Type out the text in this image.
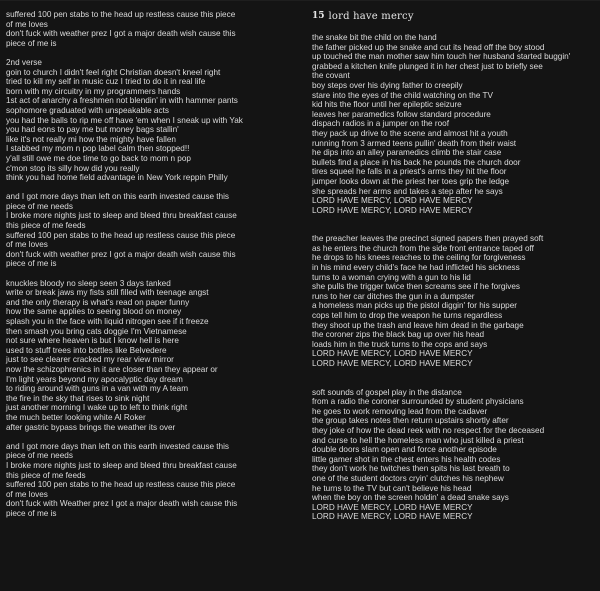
suffered 100 pen stabs to the head up restless cause this piece
of me loves
don't fuck with weather prez I got a major death wish cause this
piece of me is
2nd verse
goin to church I didn't feel right Christian doesn't kneel right
tried to kill my self in music cuz I tried to do it in real life
born with my circuitry in my programmers hands
1st act of anarchy a freshmen not blendin' in with hammer pants
sophomore graduated with unspeakable acts
you had the balls to rip me off have 'em when I sneak up with Yak
you had eons to pay me but money bags stallin'
like it's not really mi how the mighty have fallen
I stabbed my mom n pop label calm then stopped!!
y'all still owe me doe time to go back to mom n pop
c'mon stop its silly how did you really
think you had home field advantage in New York reppin Philly
and I got more days than left on this earth invested cause this
piece of me needs
I broke more nights just to sleep and bleed thru breakfast cause
this piece of me feeds
suffered 100 pen stabs to the head up restless cause this piece
of me loves
don't fuck with weather prez I got a major death wish cause this
piece of me is
knuckles bloody no sleep seen 3 days tanked
write or break jaws my fists still filled with teenage angst
and the only therapy is what's read on paper funny
how the same applies to seeing blood on money
splash you in the face with liquid nitrogen see if it freeze
then smash you bring cats doggie I'm Vietnamese
not sure where heaven is but I know hell is here
used to stuff trees into bottles like Belvedere
just to see clearer cracked my rear view mirror
now the schizophrenics in it are closer than they appear or
I'm light years beyond my apocalyptic day dream
to riding around with guns in a van with my A team
the fire in the sky that rises to sink night
just another morning I wake up to left to think right
the much better looking white Al Roker
after gastric bypass brings the weather its over
and I got more days than left on this earth invested cause this
piece of me needs
I broke more nights just to sleep and bleed thru breakfast cause
this piece of me feeds
suffered 100 pen stabs to the head up restless cause this piece
of me loves
don't fuck with Weather prez I got a major death wish cause this
piece of me is
15 lord have mercy
the snake bit the child on the hand
the father picked up the snake and cut its head off the boy stood
up touched the man mother saw him touch her husband started buggin'
grabbed a kitchen knife plunged it in her chest just to briefly see
the covant
boy steps over his dying father to creepily
stare into the eyes of the child watching on the TV
kid hits the floor until her epileptic seizure
leaves her paramedics follow standard procedure
dispach radios in a jumper on the roof
they pack up drive to the scene and almost hit a youth
running from 3 armed teens pullin' death from their waist
he dips into an alley paramedics climb the stair case
bullets find a place in his back he pounds the church door
tires squeel he falls in a priest's arms they hit the floor
jumper looks down at the priest her toes grip the ledge
she spreads her arms and takes a step after he says
LORD HAVE MERCY, LORD HAVE MERCY
LORD HAVE MERCY, LORD HAVE MERCY
the preacher leaves the precinct signed papers then prayed soft
as he enters the church from the side front entrance taped off
he drops to his knees reaches to the ceiling for forgiveness
in his mind every child's face he had inflicted his sickness
turns to a woman crying with a gun to his lid
she pulls the trigger twice then screams see if he forgives
runs to her car ditches the gun in a dumpster
a homeless man picks up the pistol diggin' for his supper
cops tell him to drop the weapon he turns regardless
they shoot up the trash and leave him dead in the garbage
the coroner zips the black bag up over his head
loads him in the truck turns to the cops and says
LORD HAVE MERCY, LORD HAVE MERCY
LORD HAVE MERCY, LORD HAVE MERCY
soft sounds of gospel play in the distance
from a radio the coroner surrounded by student physicians
he goes to work removing lead from the cadaver
the group takes notes then return upstairs shortly after
they joke of how the dead reek with no respect for the deceased
and curse to hell the homeless man who just killed a priest
double doors slam open and force another episode
little gamer shot in the chest enters his health codes
they don't work he twitches then spits his last breath to
one of the student doctors cryin' clutches his nephew
he turns to the TV but can't believe his head
when the boy on the screen holdin' a dead snake says
LORD HAVE MERCY, LORD HAVE MERCY
LORD HAVE MERCY, LORD HAVE MERCY
